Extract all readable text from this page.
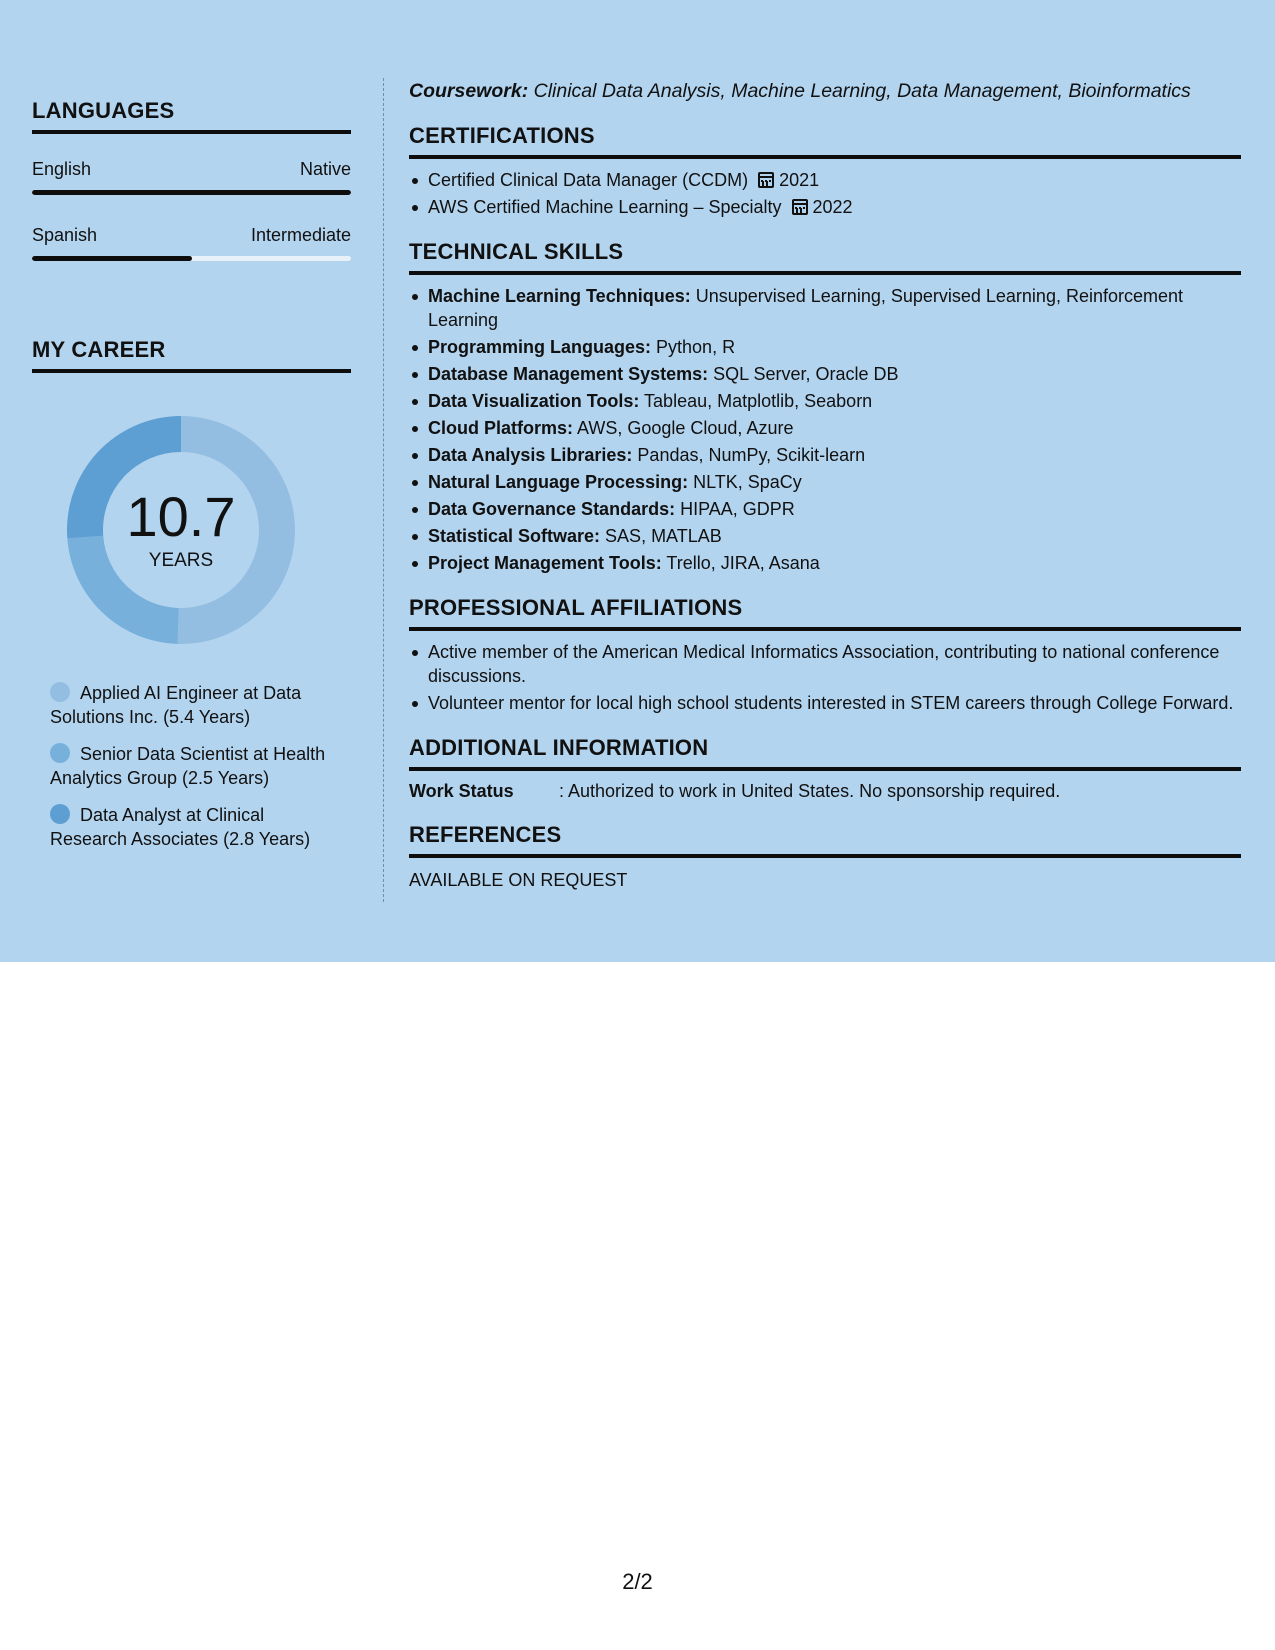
LANGUAGES
English	Native
Spanish	Intermediate
MY CAREER
10.7
YEARS
Applied AI Engineer at Data Solutions Inc. (5.4 Years)
Senior Data Scientist at Health Analytics Group (2.5 Years)
Data Analyst at Clinical Research Associates (2.8 Years)
Coursework: Clinical Data Analysis, Machine Learning, Data Management, Bioinformatics
CERTIFICATIONS
Certified Clinical Data Manager (CCDM) 2021
AWS Certified Machine Learning – Specialty 2022
TECHNICAL SKILLS
Machine Learning Techniques: Unsupervised Learning, Supervised Learning, Reinforcement Learning
Programming Languages: Python, R
Database Management Systems: SQL Server, Oracle DB
Data Visualization Tools: Tableau, Matplotlib, Seaborn
Cloud Platforms: AWS, Google Cloud, Azure
Data Analysis Libraries: Pandas, NumPy, Scikit-learn
Natural Language Processing: NLTK, SpaCy
Data Governance Standards: HIPAA, GDPR
Statistical Software: SAS, MATLAB
Project Management Tools: Trello, JIRA, Asana
PROFESSIONAL AFFILIATIONS
Active member of the American Medical Informatics Association, contributing to national conference discussions.
Volunteer mentor for local high school students interested in STEM careers through College Forward.
ADDITIONAL INFORMATION
Work Status	: Authorized to work in United States. No sponsorship required.
REFERENCES
AVAILABLE ON REQUEST
2/2
